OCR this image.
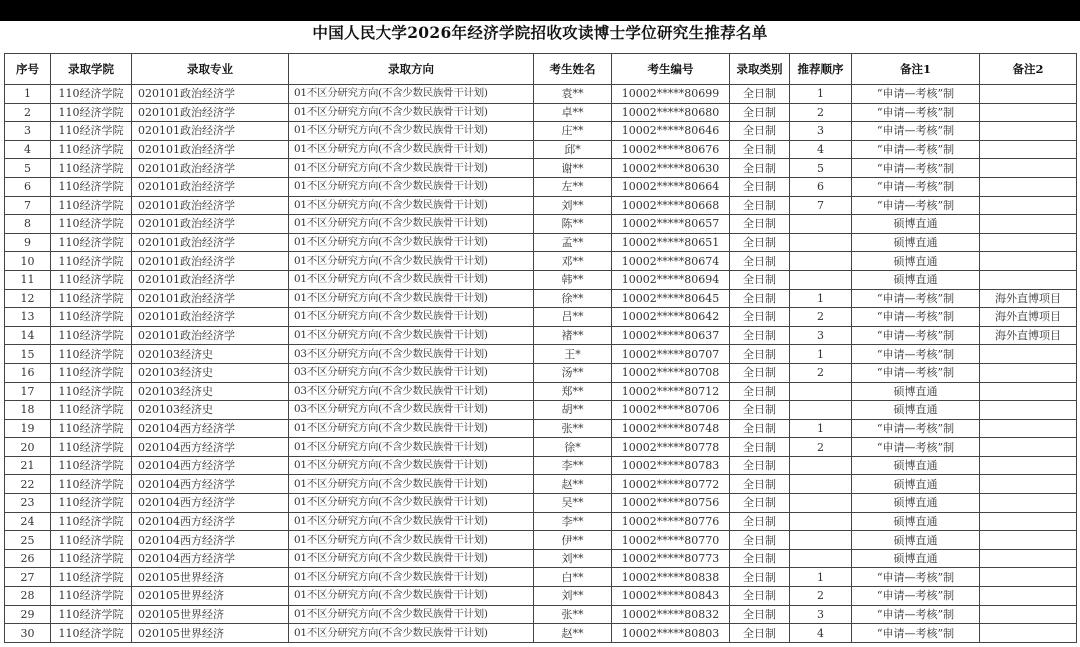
中国人民大学2026年经济学院招收攻读博士学位研究生推荐名单
序号	录取学院	录取专业	录取方向	考生姓名	考生编号	录取类别	推荐顺序	备注1	备注2
1	110经济学院	020101政治经济学	01不区分研究方向(不含少数民族骨干计划)	袁**	10002*****80699	全日制	1	“申请—考核”制	
2	110经济学院	020101政治经济学	01不区分研究方向(不含少数民族骨干计划)	卓**	10002*****80680	全日制	2	“申请—考核”制	
3	110经济学院	020101政治经济学	01不区分研究方向(不含少数民族骨干计划)	庄**	10002*****80646	全日制	3	“申请—考核”制	
4	110经济学院	020101政治经济学	01不区分研究方向(不含少数民族骨干计划)	邱*	10002*****80676	全日制	4	“申请—考核”制	
5	110经济学院	020101政治经济学	01不区分研究方向(不含少数民族骨干计划)	谢**	10002*****80630	全日制	5	“申请—考核”制	
6	110经济学院	020101政治经济学	01不区分研究方向(不含少数民族骨干计划)	左**	10002*****80664	全日制	6	“申请—考核”制	
7	110经济学院	020101政治经济学	01不区分研究方向(不含少数民族骨干计划)	刘**	10002*****80668	全日制	7	“申请—考核”制	
8	110经济学院	020101政治经济学	01不区分研究方向(不含少数民族骨干计划)	陈**	10002*****80657	全日制		硕博直通	
9	110经济学院	020101政治经济学	01不区分研究方向(不含少数民族骨干计划)	孟**	10002*****80651	全日制		硕博直通	
10	110经济学院	020101政治经济学	01不区分研究方向(不含少数民族骨干计划)	邓**	10002*****80674	全日制		硕博直通	
11	110经济学院	020101政治经济学	01不区分研究方向(不含少数民族骨干计划)	韩**	10002*****80694	全日制		硕博直通	
12	110经济学院	020101政治经济学	01不区分研究方向(不含少数民族骨干计划)	徐**	10002*****80645	全日制	1	“申请—考核”制	海外直博项目
13	110经济学院	020101政治经济学	01不区分研究方向(不含少数民族骨干计划)	吕**	10002*****80642	全日制	2	“申请—考核”制	海外直博项目
14	110经济学院	020101政治经济学	01不区分研究方向(不含少数民族骨干计划)	褚**	10002*****80637	全日制	3	“申请—考核”制	海外直博项目
15	110经济学院	020103经济史	03不区分研究方向(不含少数民族骨干计划)	王*	10002*****80707	全日制	1	“申请—考核”制	
16	110经济学院	020103经济史	03不区分研究方向(不含少数民族骨干计划)	汤**	10002*****80708	全日制	2	“申请—考核”制	
17	110经济学院	020103经济史	03不区分研究方向(不含少数民族骨干计划)	郑**	10002*****80712	全日制		硕博直通	
18	110经济学院	020103经济史	03不区分研究方向(不含少数民族骨干计划)	胡**	10002*****80706	全日制		硕博直通	
19	110经济学院	020104西方经济学	01不区分研究方向(不含少数民族骨干计划)	张**	10002*****80748	全日制	1	“申请—考核”制	
20	110经济学院	020104西方经济学	01不区分研究方向(不含少数民族骨干计划)	徐*	10002*****80778	全日制	2	“申请—考核”制	
21	110经济学院	020104西方经济学	01不区分研究方向(不含少数民族骨干计划)	李**	10002*****80783	全日制		硕博直通	
22	110经济学院	020104西方经济学	01不区分研究方向(不含少数民族骨干计划)	赵**	10002*****80772	全日制		硕博直通	
23	110经济学院	020104西方经济学	01不区分研究方向(不含少数民族骨干计划)	吴**	10002*****80756	全日制		硕博直通	
24	110经济学院	020104西方经济学	01不区分研究方向(不含少数民族骨干计划)	李**	10002*****80776	全日制		硕博直通	
25	110经济学院	020104西方经济学	01不区分研究方向(不含少数民族骨干计划)	伊**	10002*****80770	全日制		硕博直通	
26	110经济学院	020104西方经济学	01不区分研究方向(不含少数民族骨干计划)	刘**	10002*****80773	全日制		硕博直通	
27	110经济学院	020105世界经济	01不区分研究方向(不含少数民族骨干计划)	白**	10002*****80838	全日制	1	“申请—考核”制	
28	110经济学院	020105世界经济	01不区分研究方向(不含少数民族骨干计划)	刘**	10002*****80843	全日制	2	“申请—考核”制	
29	110经济学院	020105世界经济	01不区分研究方向(不含少数民族骨干计划)	张**	10002*****80832	全日制	3	“申请—考核”制	
30	110经济学院	020105世界经济	01不区分研究方向(不含少数民族骨干计划)	赵**	10002*****80803	全日制	4	“申请—考核”制	
